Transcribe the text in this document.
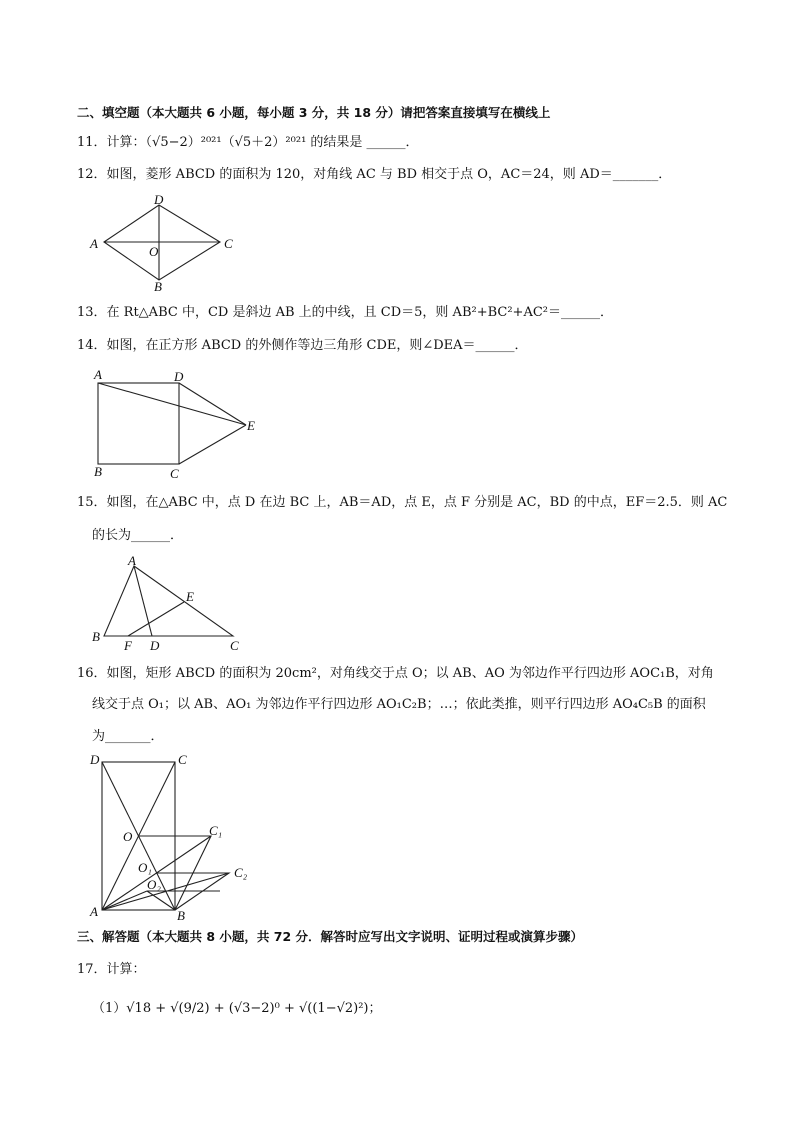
二、填空题（本大题共 6 小题，每小题 3 分，共 18 分）请把答案直接填写在横线上
11．计算：（√5−2）²⁰²¹（√5＋2）²⁰²¹ 的结果是 ______．
12．如图，菱形 ABCD 的面积为 120，对角线 AC 与 BD 相交于点 O，AC＝24，则 AD＝_______．
A
D
C
B
O
13．在 Rt△ABC 中，CD 是斜边 AB 上的中线，且 CD＝5，则 AB²+BC²+AC²＝______．
14．如图，在正方形 ABCD 的外侧作等边三角形 CDE，则∠DEA＝______．
A	D
E
B	C
15．如图，在△ABC 中，点 D 在边 BC 上，AB＝AD，点 E，点 F 分别是 AC，BD 的中点，EF＝2.5．则 AC
的长为______．
A
E
B
F D	C
16．如图，矩形 ABCD 的面积为 20cm²，对角线交于点 O；以 AB、AO 为邻边作平行四边形 AOC₁B，对角
线交于点 O₁；以 AB、AO₁ 为邻边作平行四边形 AO₁C₂B；…；依此类推，则平行四边形 AO₄C₅B 的面积
为_______．
D	C
O	C₁
O₁	C₂
O₂
A	B
三、解答题（本大题共 8 小题，共 72 分．解答时应写出文字说明、证明过程或演算步骤）
17．计算：
（1）√18 + √(9/2) + (√3−2)⁰ + √((1−√2)²)；
